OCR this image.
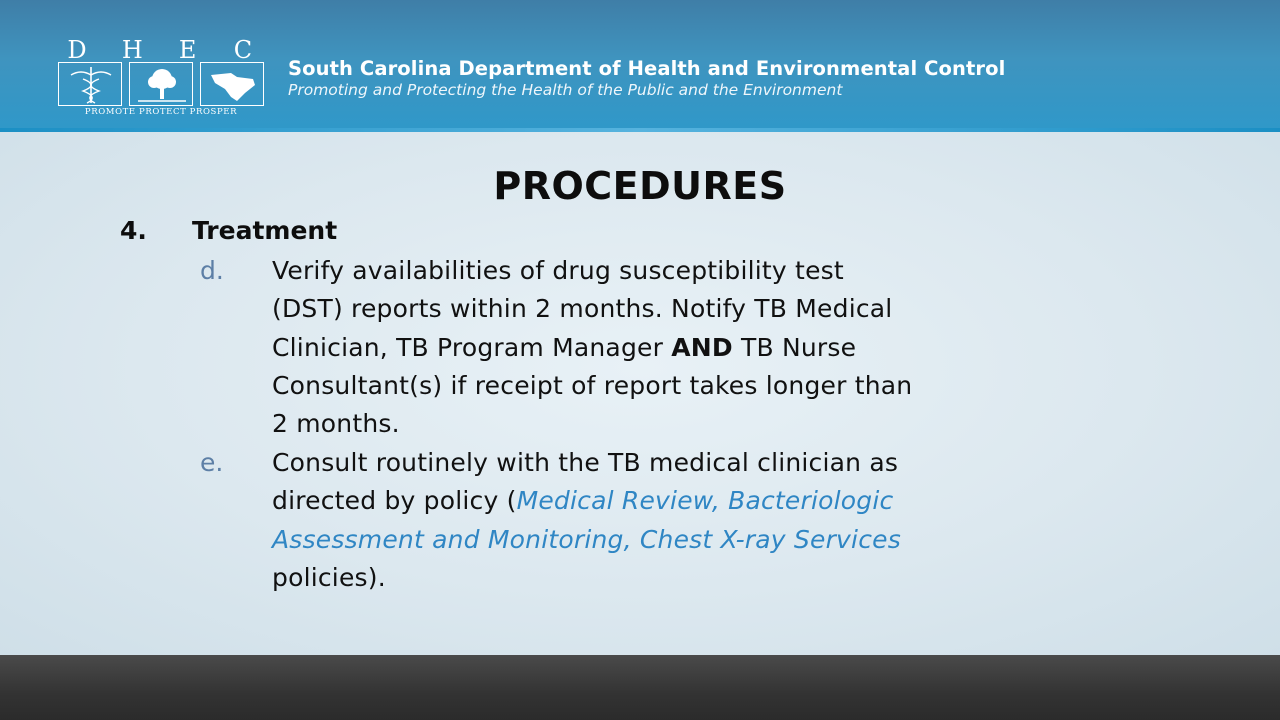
D	H	E	C
PROMOTE PROTECT PROSPER
South Carolina Department of Health and Environmental Control
Promoting and Protecting the Health of the Public and the Environment
PROCEDURES
4. Treatment
d. Verify availabilities of drug susceptibility test
(DST) reports within 2 months. Notify TB Medical
Clinician, TB Program Manager AND TB Nurse
Consultant(s) if receipt of report takes longer than
2 months.
e. Consult routinely with the TB medical clinician as
directed by policy (Medical Review, Bacteriologic
Assessment and Monitoring, Chest X-ray Services
policies).
